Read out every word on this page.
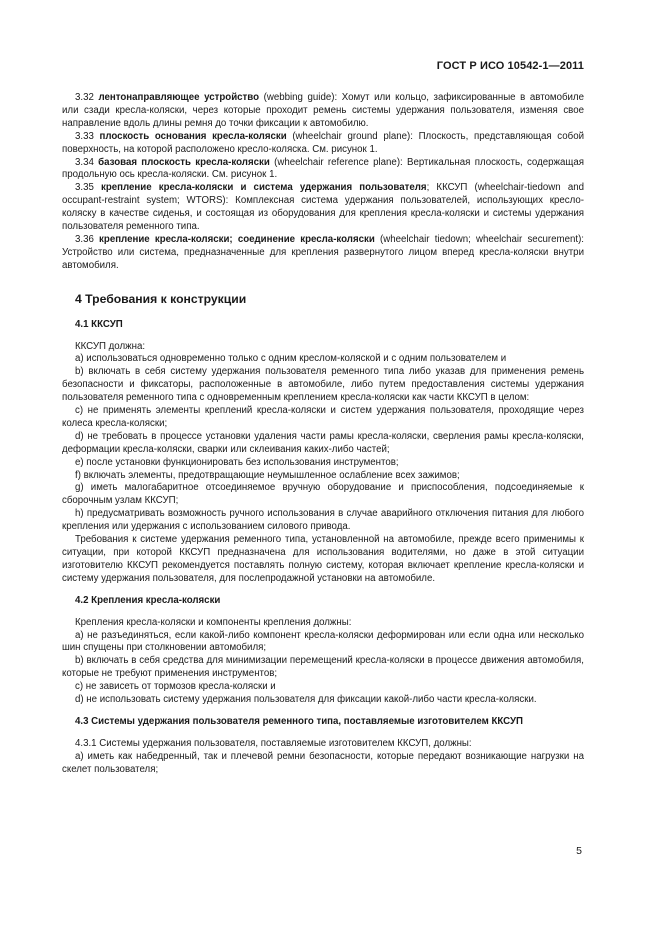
ГОСТ Р ИСО 10542-1—2011

3.32 лентонаправляющее устройство (webbing guide): Хомут или кольцо, зафиксированные в автомобиле или сзади кресла-коляски, через которые проходит ремень системы удержания пользователя, изменяя свое направление вдоль длины ремня до точки фиксации к автомобилю.

3.33 плоскость основания кресла-коляски (wheelchair ground plane): Плоскость, представляющая собой поверхность, на которой расположено кресло-коляска. См. рисунок 1.

3.34 базовая плоскость кресла-коляски (wheelchair reference plane): Вертикальная плоскость, содержащая продольную ось кресла-коляски. См. рисунок 1.

3.35 крепление кресла-коляски и система удержания пользователя; ККСУП (wheelchair-tiedown and occupant-restraint system; WTORS): Комплексная система удержания пользователей, использующих кресло-коляску в качестве сиденья, и состоящая из оборудования для крепления кресла-коляски и системы удержания пользователя ременного типа.

3.36 крепление кресла-коляски; соединение кресла-коляски (wheelchair tiedown; wheelchair securement): Устройство или система, предназначенные для крепления развернутого лицом вперед кресла-коляски внутри автомобиля.

4 Требования к конструкции
4.1 ККСУП

ККСУП должна:

а) использоваться одновременно только с одним креслом-коляской и с одним пользователем и

b) включать в себя систему удержания пользователя ременного типа либо указав для применения ремень безопасности и фиксаторы, расположенные в автомобиле, либо путем предоставления системы удержания пользователя ременного типа с одновременным креплением кресла-коляски как части ККСУП в целом:

с) не применять элементы креплений кресла-коляски и систем удержания пользователя, проходящие через колеса кресла-коляски;

d) не требовать в процессе установки удаления части рамы кресла-коляски, сверления рамы кресла-коляски, деформации кресла-коляски, сварки или склеивания каких-либо частей;

е) после установки функционировать без использования инструментов;

f) включать элементы, предотвращающие неумышленное ослабление всех зажимов;

g) иметь малогабаритное отсоединяемое вручную оборудование и приспособления, подсоединяемые к сборочным узлам ККСУП;

h) предусматривать возможность ручного использования в случае аварийного отключения питания для любого крепления или удержания с использованием силового привода.

Требования к системе удержания ременного типа, установленной на автомобиле, прежде всего применимы к ситуации, при которой ККСУП предназначена для использования водителями, но даже в этой ситуации изготовителю ККСУП рекомендуется поставлять полную систему, которая включает крепление кресла-коляски и систему удержания пользователя, для послепродажной установки на автомобиле.

4.2 Крепления кресла-коляски

Крепления кресла-коляски и компоненты крепления должны:

а) не разъединяться, если какой-либо компонент кресла-коляски деформирован или если одна или несколько шин спущены при столкновении автомобиля;

b) включать в себя средства для минимизации перемещений кресла-коляски в процессе движения автомобиля, которые не требуют применения инструментов;

с) не зависеть от тормозов кресла-коляски и

d) не использовать систему удержания пользователя для фиксации какой-либо части кресла-коляски.

4.3 Системы удержания пользователя ременного типа, поставляемые изготовителем ККСУП

4.3.1 Системы удержания пользователя, поставляемые изготовителем ККСУП, должны:

а) иметь как набедренный, так и плечевой ремни безопасности, которые передают возникающие нагрузки на скелет пользователя;

5
